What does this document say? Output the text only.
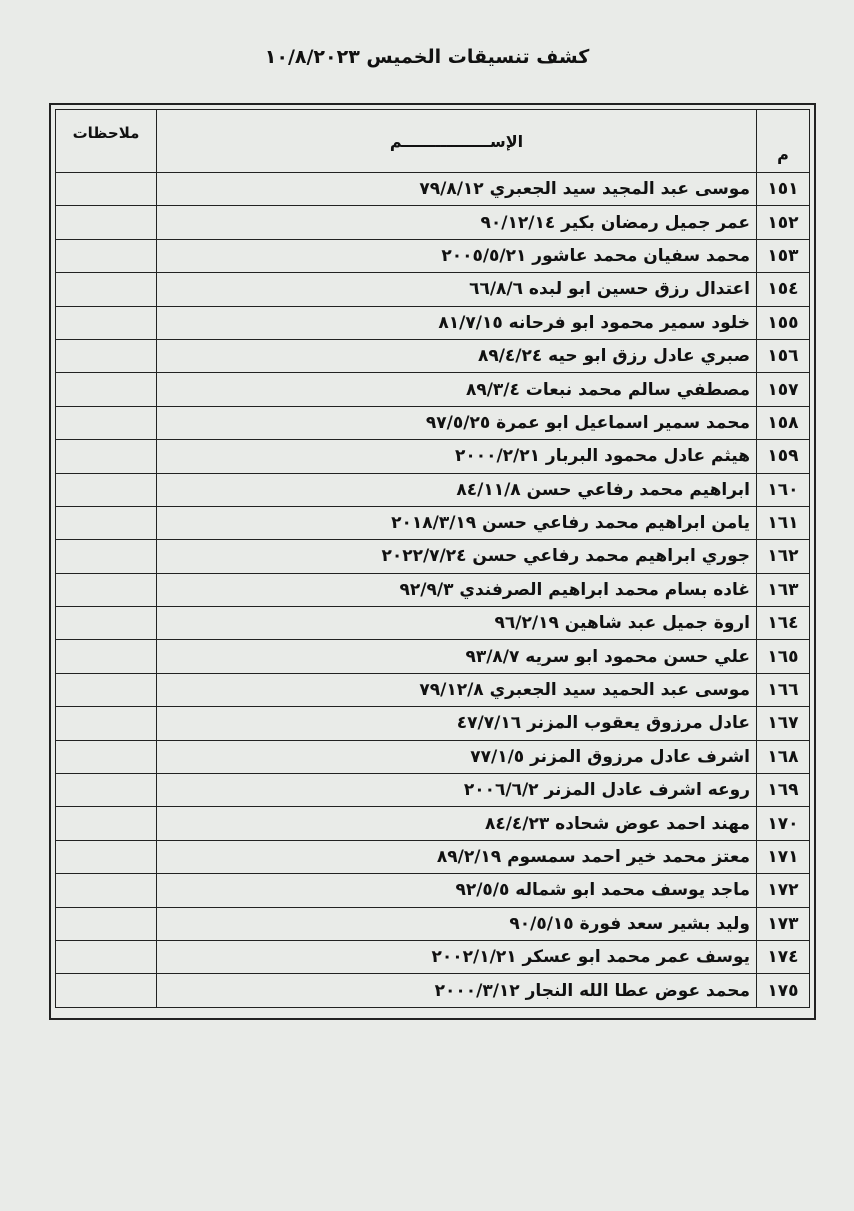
كشف تنسيقات الخميس ١٠/٨/٢٠٢٣
م	الإســــــــــــــــم	ملاحظات
١٥١	موسى عبد المجيد سيد الجعبري ٧٩/٨/١٢	
١٥٢	عمر جميل رمضان بكير ٩٠/١٢/١٤	
١٥٣	محمد سفيان محمد عاشور ٢٠٠٥/٥/٢١	
١٥٤	اعتدال رزق حسين ابو لبده ٦٦/٨/٦	
١٥٥	خلود سمير محمود ابو فرحانه ٨١/٧/١٥	
١٥٦	صبري عادل رزق ابو حيه ٨٩/٤/٢٤	
١٥٧	مصطفي سالم محمد نبعات ٨٩/٣/٤	
١٥٨	محمد سمير اسماعيل ابو عمرة ٩٧/٥/٢٥	
١٥٩	هيثم عادل محمود البربار ٢٠٠٠/٢/٢١	
١٦٠	ابراهيم محمد رفاعي حسن ٨٤/١١/٨	
١٦١	يامن ابراهيم محمد رفاعي حسن ٢٠١٨/٣/١٩	
١٦٢	جوري ابراهيم محمد رفاعي حسن ٢٠٢٢/٧/٢٤	
١٦٣	غاده بسام محمد ابراهيم الصرفندي ٩٢/٩/٣	
١٦٤	اروة جميل عبد شاهين ٩٦/٢/١٩	
١٦٥	علي حسن محمود ابو سريه ٩٣/٨/٧	
١٦٦	موسى عبد الحميد سيد الجعبري ٧٩/١٢/٨	
١٦٧	عادل مرزوق يعقوب المزنر ٤٧/٧/١٦	
١٦٨	اشرف عادل مرزوق المزنر ٧٧/١/٥	
١٦٩	روعه اشرف عادل المزنر ٢٠٠٦/٦/٢	
١٧٠	مهند احمد عوض شحاده ٨٤/٤/٢٣	
١٧١	معتز محمد خير احمد سمسوم ٨٩/٢/١٩	
١٧٢	ماجد يوسف محمد ابو شماله ٩٢/٥/٥	
١٧٣	وليد بشير سعد فورة ٩٠/٥/١٥	
١٧٤	يوسف عمر محمد ابو عسكر ٢٠٠٢/١/٢١	
١٧٥	محمد عوض عطا الله النجار ٢٠٠٠/٣/١٢	
